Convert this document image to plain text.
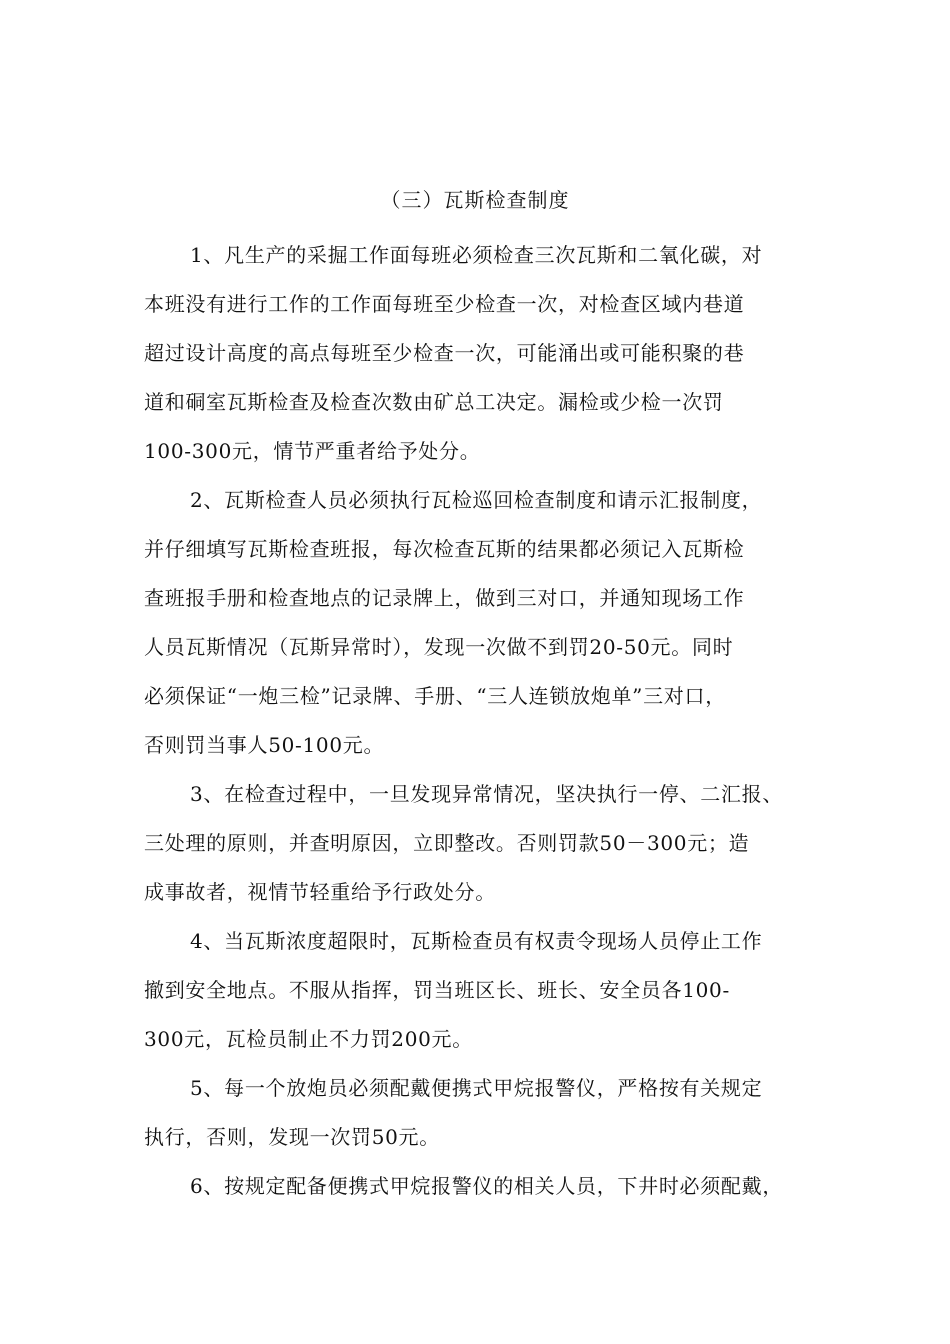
（三）瓦斯检查制度

1、凡生产的采掘工作面每班必须检查三次瓦斯和二氧化碳，对
本班没有进行工作的工作面每班至少检查一次，对检查区域内巷道
超过设计高度的高点每班至少检查一次，可能涌出或可能积聚的巷
道和硐室瓦斯检查及检查次数由矿总工决定。漏检或少检一次罚
100-300元，情节严重者给予处分。

2、瓦斯检查人员必须执行瓦检巡回检查制度和请示汇报制度，
并仔细填写瓦斯检查班报，每次检查瓦斯的结果都必须记入瓦斯检
查班报手册和检查地点的记录牌上，做到三对口，并通知现场工作
人员瓦斯情况（瓦斯异常时），发现一次做不到罚20-50元。同时
必须保证“一炮三检”记录牌、手册、“三人连锁放炮单”三对口，
否则罚当事人50-100元。

3、在检查过程中，一旦发现异常情况，坚决执行一停、二汇报、
三处理的原则，并查明原因，立即整改。否则罚款50－300元；造
成事故者，视情节轻重给予行政处分。

4、当瓦斯浓度超限时，瓦斯检查员有权责令现场人员停止工作
撤到安全地点。不服从指挥，罚当班区长、班长、安全员各100-
300元，瓦检员制止不力罚200元。

5、每一个放炮员必须配戴便携式甲烷报警仪，严格按有关规定
执行，否则，发现一次罚50元。

6、按规定配备便携式甲烷报警仪的相关人员，下井时必须配戴，
